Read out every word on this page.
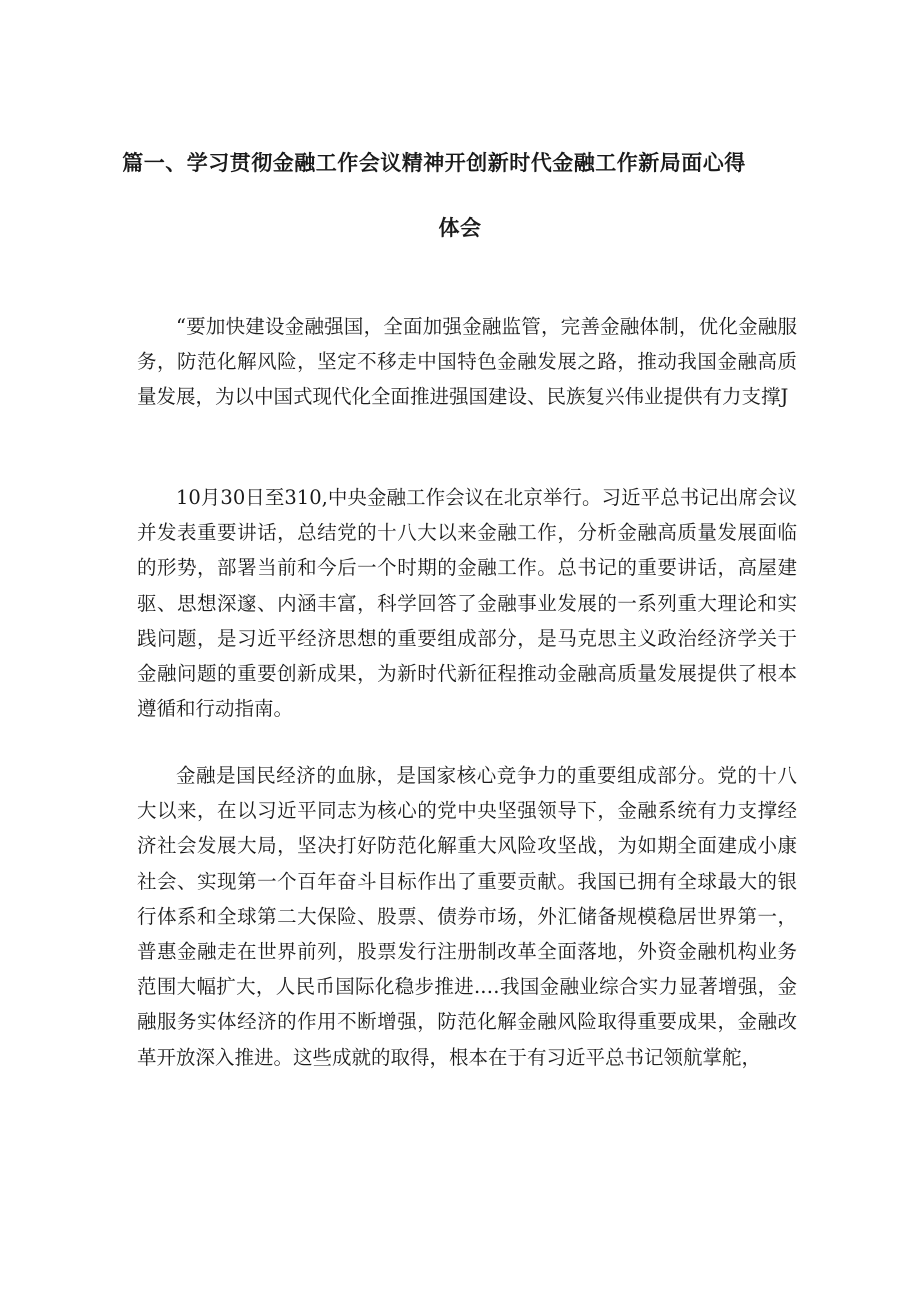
篇一、学习贯彻金融工作会议精神开创新时代金融工作新局面心得
体会

“要加快建设金融强国，全面加强金融监管，完善金融体制，优化金融服务，防范化解风险，坚定不移走中国特色金融发展之路，推动我国金融高质量发展，为以中国式现代化全面推进强国建设、民族复兴伟业提供有力支撑J

10月30日至310,中央金融工作会议在北京举行。习近平总书记出席会议并发表重要讲话，总结党的十八大以来金融工作，分析金融高质量发展面临的形势，部署当前和今后一个时期的金融工作。总书记的重要讲话，高屋建驱、思想深邃、内涵丰富，科学回答了金融事业发展的一系列重大理论和实践问题，是习近平经济思想的重要组成部分，是马克思主义政治经济学关于金融问题的重要创新成果，为新时代新征程推动金融高质量发展提供了根本遵循和行动指南。

金融是国民经济的血脉，是国家核心竞争力的重要组成部分。党的十八大以来，在以习近平同志为核心的党中央坚强领导下，金融系统有力支撑经济社会发展大局，坚决打好防范化解重大风险攻坚战，为如期全面建成小康社会、实现第一个百年奋斗目标作出了重要贡献。我国已拥有全球最大的银行体系和全球第二大保险、股票、债券市场，外汇储备规模稳居世界第一，普惠金融走在世界前列，股票发行注册制改革全面落地，外资金融机构业务范围大幅扩大，人民币国际化稳步推进.…我国金融业综合实力显著增强，金融服务实体经济的作用不断增强，防范化解金融风险取得重要成果，金融改革开放深入推进。这些成就的取得，根本在于有习近平总书记领航掌舵，
